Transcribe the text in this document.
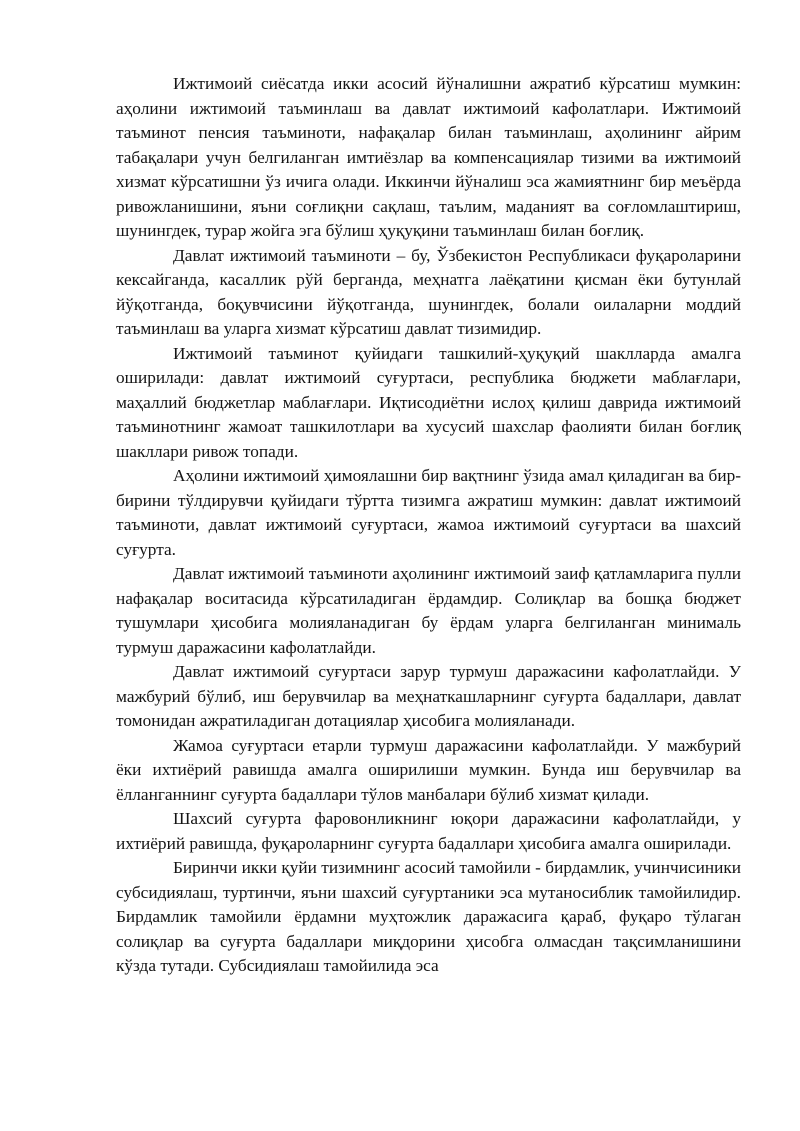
Ижтимоий сиёсатда икки асосий йўналишни ажратиб кўрсатиш мумкин: аҳолини ижтимоий таъминлаш ва давлат ижтимоий кафолатлари. Ижтимоий таъминот пенсия таъминоти, нафақалар билан таъминлаш, аҳолининг айрим табақалари учун белгиланган имтиёзлар ва компенсациялар тизими ва ижтимоий хизмат кўрсатишни ўз ичига олади. Иккинчи йўналиш эса жамиятнинг бир меъёрда ривожланишини, яъни соғлиқни сақлаш, таълим, маданият ва соғломлаштириш, шунингдек, турар жойга эга бўлиш ҳуқуқини таъминлаш билан боғлиқ.

Давлат ижтимоий таъминоти – бу, Ўзбекистон Республикаси фуқароларини кексайганда, касаллик рўй берганда, меҳнатга лаёқатини қисман ёки бутунлай йўқотганда, боқувчисини йўқотганда, шунингдек, болали оилаларни моддий таъминлаш ва уларга хизмат кўрсатиш давлат тизимидир.

Ижтимоий таъминот қуйидаги ташкилий-ҳуқуқий шаклларда амалга оширилади: давлат ижтимоий суғуртаси, республика бюджети маблағлари, маҳаллий бюджетлар маблағлари. Иқтисодиётни ислоҳ қилиш даврида ижтимоий таъминотнинг жамоат ташкилотлари ва хусусий шахслар фаолияти билан боғлиқ шакллари ривож топади.

Аҳолини ижтимоий ҳимоялашни бир вақтнинг ўзида амал қиладиган ва бир-бирини тўлдирувчи қуйидаги тўртта тизимга ажратиш мумкин: давлат ижтимоий таъминоти, давлат ижтимоий суғуртаси, жамоа ижтимоий суғуртаси ва шахсий суғурта.

Давлат ижтимоий таъминоти аҳолининг ижтимоий заиф қатламларига пулли нафақалар воситасида кўрсатиладиган ёрдамдир. Солиқлар ва бошқа бюджет тушумлари ҳисобига молияланадиган бу ёрдам уларга белгиланган минималь турмуш даражасини кафолатлайди.

Давлат ижтимоий суғуртаси зарур турмуш даражасини кафолатлайди. У мажбурий бўлиб, иш берувчилар ва меҳнаткашларнинг суғурта бадаллари, давлат томонидан ажратиладиган дотациялар ҳисобига молияланади.

Жамоа суғуртаси етарли турмуш даражасини кафолатлайди. У мажбурий ёки ихтиёрий равишда амалга оширилиши мумкин. Бунда иш берувчилар ва ёлланганнинг суғурта бадаллари тўлов манбалари бўлиб хизмат қилади.

Шахсий суғурта фаровонликнинг юқори даражасини кафолатлайди, у ихтиёрий равишда, фуқароларнинг суғурта бадаллари ҳисобига амалга оширилади.

Биринчи икки қуйи тизимнинг асосий тамойили - бирдамлик, учинчисиники субсидиялаш, туртинчи, яъни шахсий суғуртаники эса мутаносиблик тамойилидир. Бирдамлик тамойили ёрдамни муҳтожлик даражасига қараб, фуқаро тўлаган солиқлар ва суғурта бадаллари миқдорини ҳисобга олмасдан тақсимланишини кўзда тутади. Субсидиялаш тамойилида эса
